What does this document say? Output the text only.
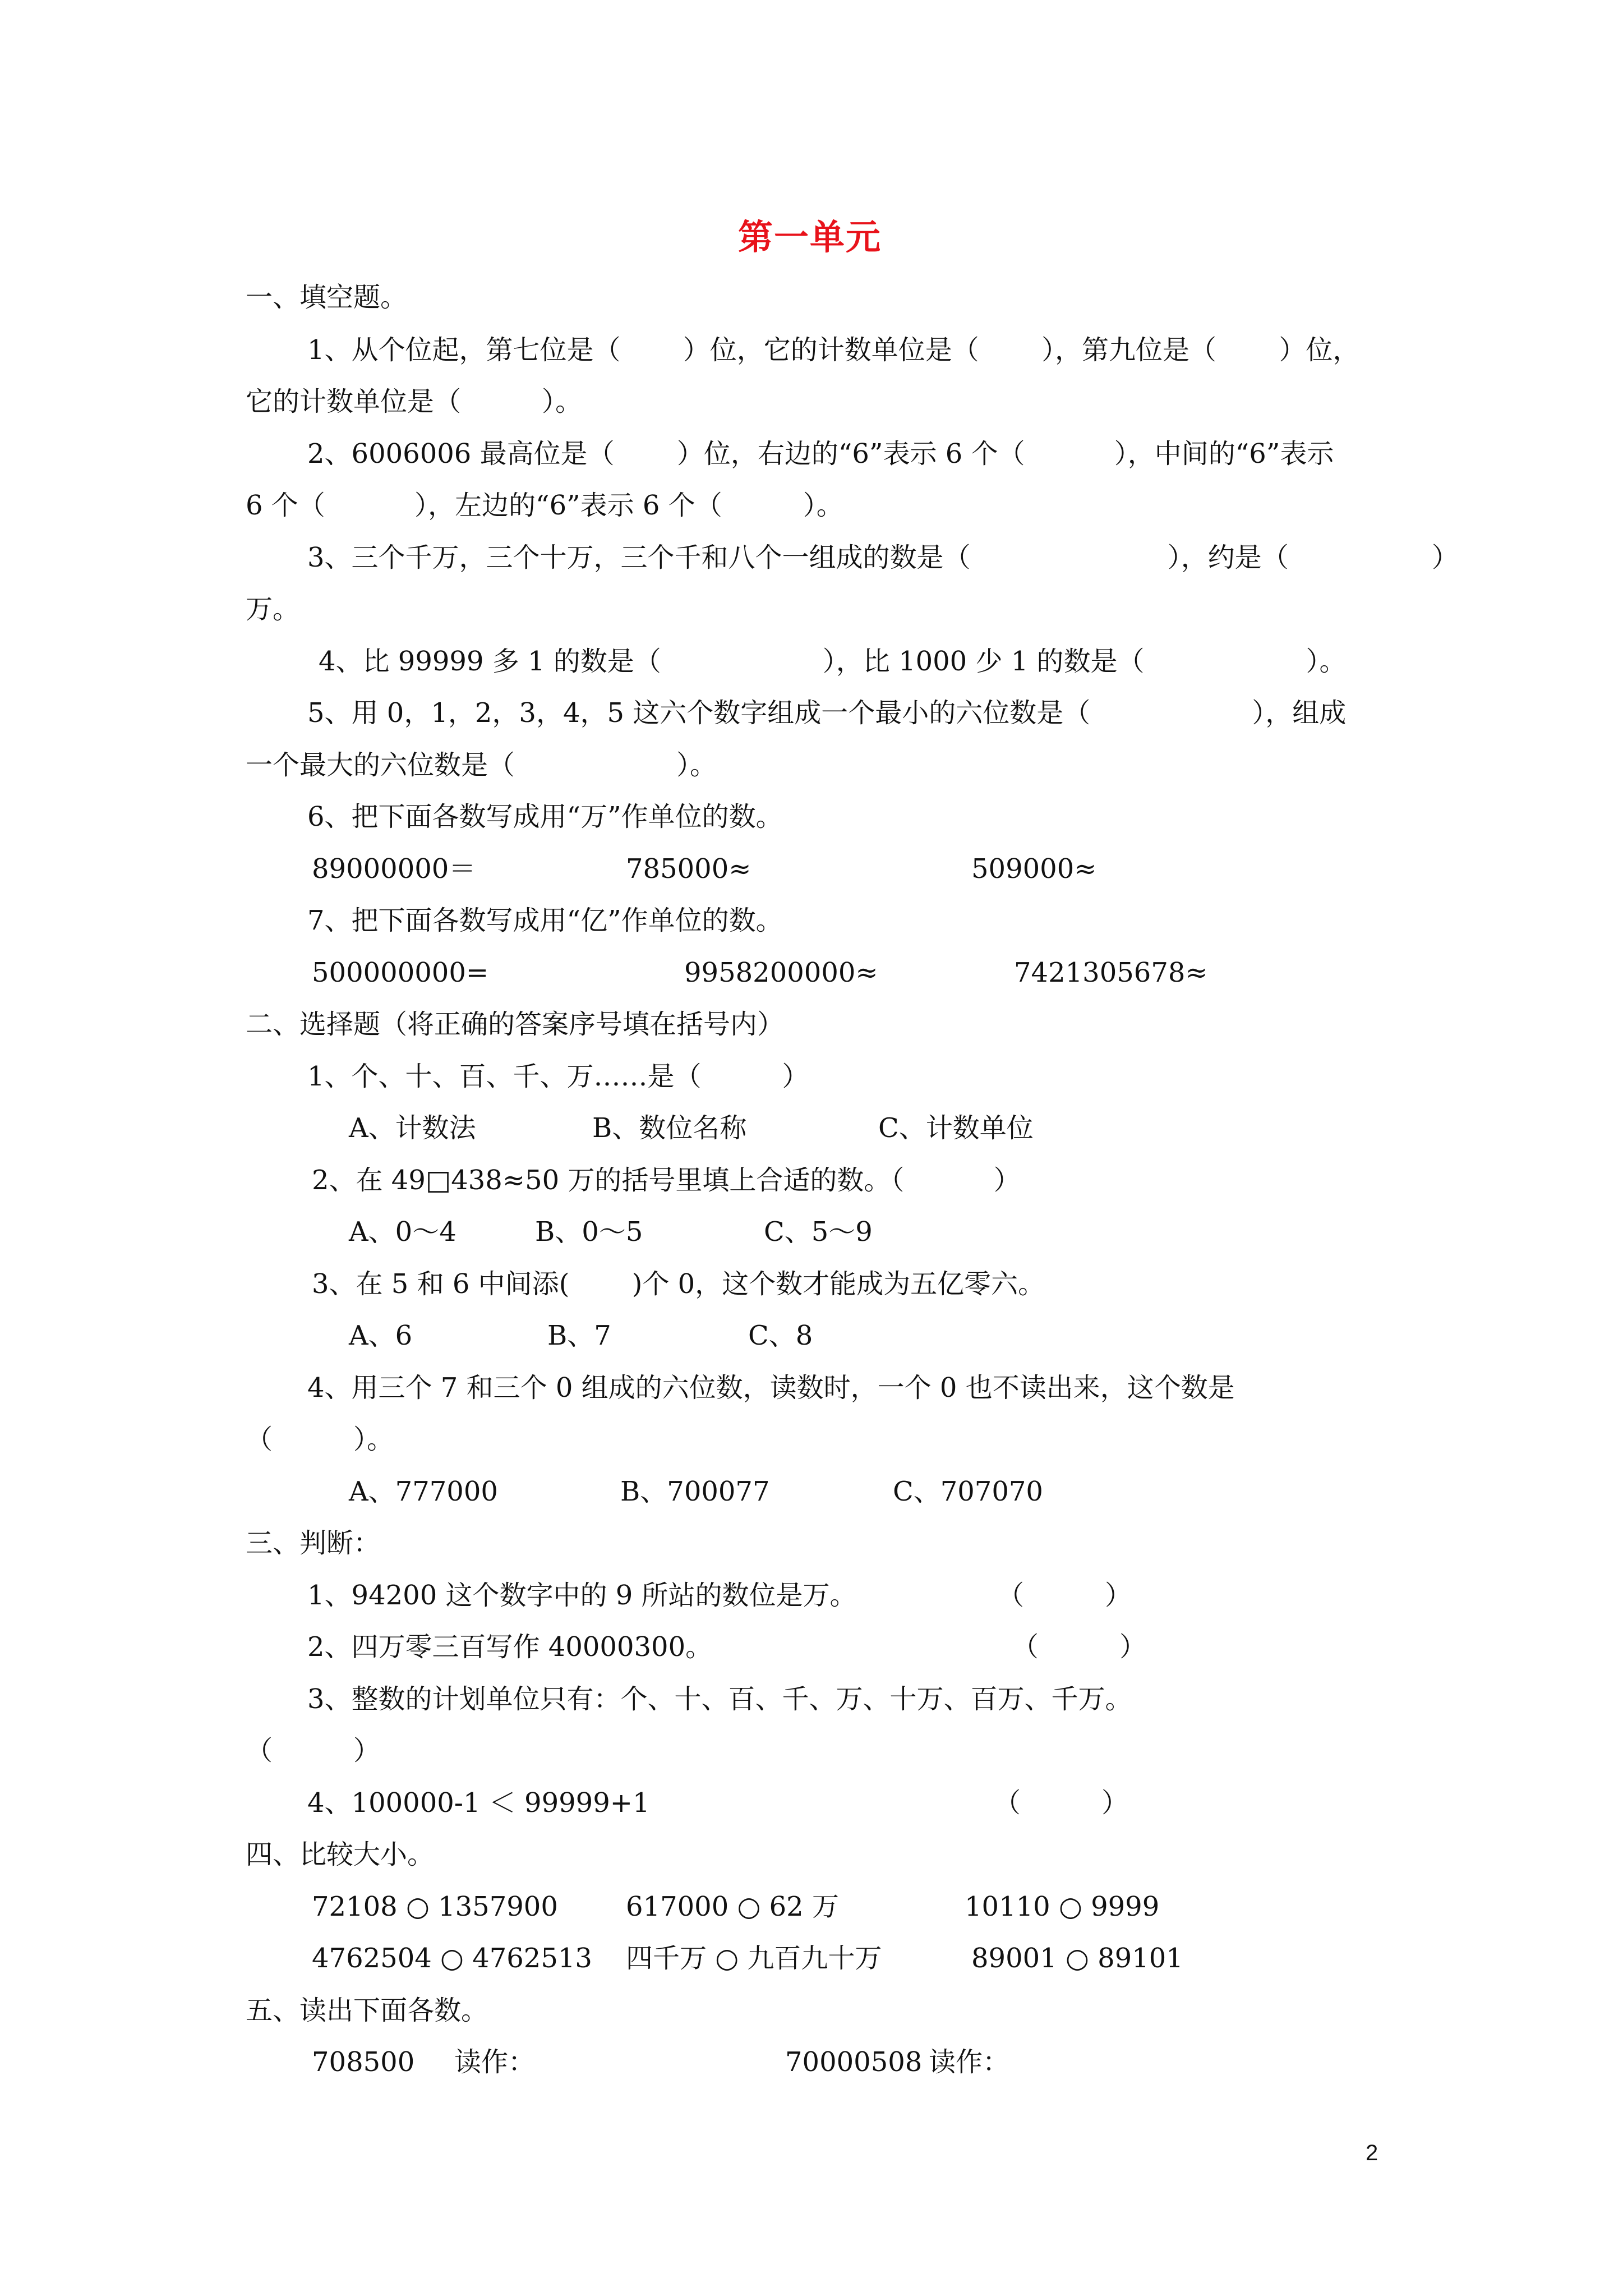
第一单元
一、填空题。
1、从个位起，第七位是（　　 ）位，它的计数单位是（　　 ），第九位是（　　 ）位，
它的计数单位是（　　　）。
2、6006006 最高位是（　　 ）位，右边的“6”表示 6 个（　　　 ），中间的“6”表示
6 个（　　　 ），左边的“6”表示 6 个（　　　）。
3、三个千万，三个十万，三个千和八个一组成的数是（　　　　　　　 ），约是（　　　　　 ）
万。
4、比 99999 多 1 的数是（　　　　　　），比 1000 少 1 的数是（　　　　　　）。
5、用 0，1，2，3，4，5 这六个数字组成一个最小的六位数是（　　　　　　），组成
一个最大的六位数是（　　　　　　）。
6、把下面各数写成用“万”作单位的数。
89000000＝	785000≈	509000≈
7、把下面各数写成用“亿”作单位的数。
500000000=	9958200000≈	7421305678≈
二、选择题（将正确的答案序号填在括号内）
1、个、十、百、千、万……是（　　　）
A、计数法	B、数位名称	C、计数单位
2、在 49□438≈50 万的括号里填上合适的数。（　　　 ）
A、0～4	B、0～5	C、5～9
3、在 5 和 6 中间添(　　 )个 0，这个数才能成为五亿零六。
A、6	B、7	C、8
4、用三个 7 和三个 0 组成的六位数，读数时，一个 0 也不读出来，这个数是
（　　　）。
A、777000	B、700077	C、707070
三、判断：
1、94200 这个数字中的 9 所站的数位是万。	（　　　）
2、四万零三百写作 40000300。	（　　　）
3、整数的计划单位只有：个、十、百、千、万、十万、百万、千万。
（　　　）
4、100000-1 ＜ 99999+1	（　　　）
四、比较大小。
72108 ○ 1357900	617000 ○ 62 万	10110 ○ 9999
4762504 ○ 4762513 四千万 ○ 九百九十万	89001 ○ 89101
五、读出下面各数。
708500 读作：	70000508 读作：
2
